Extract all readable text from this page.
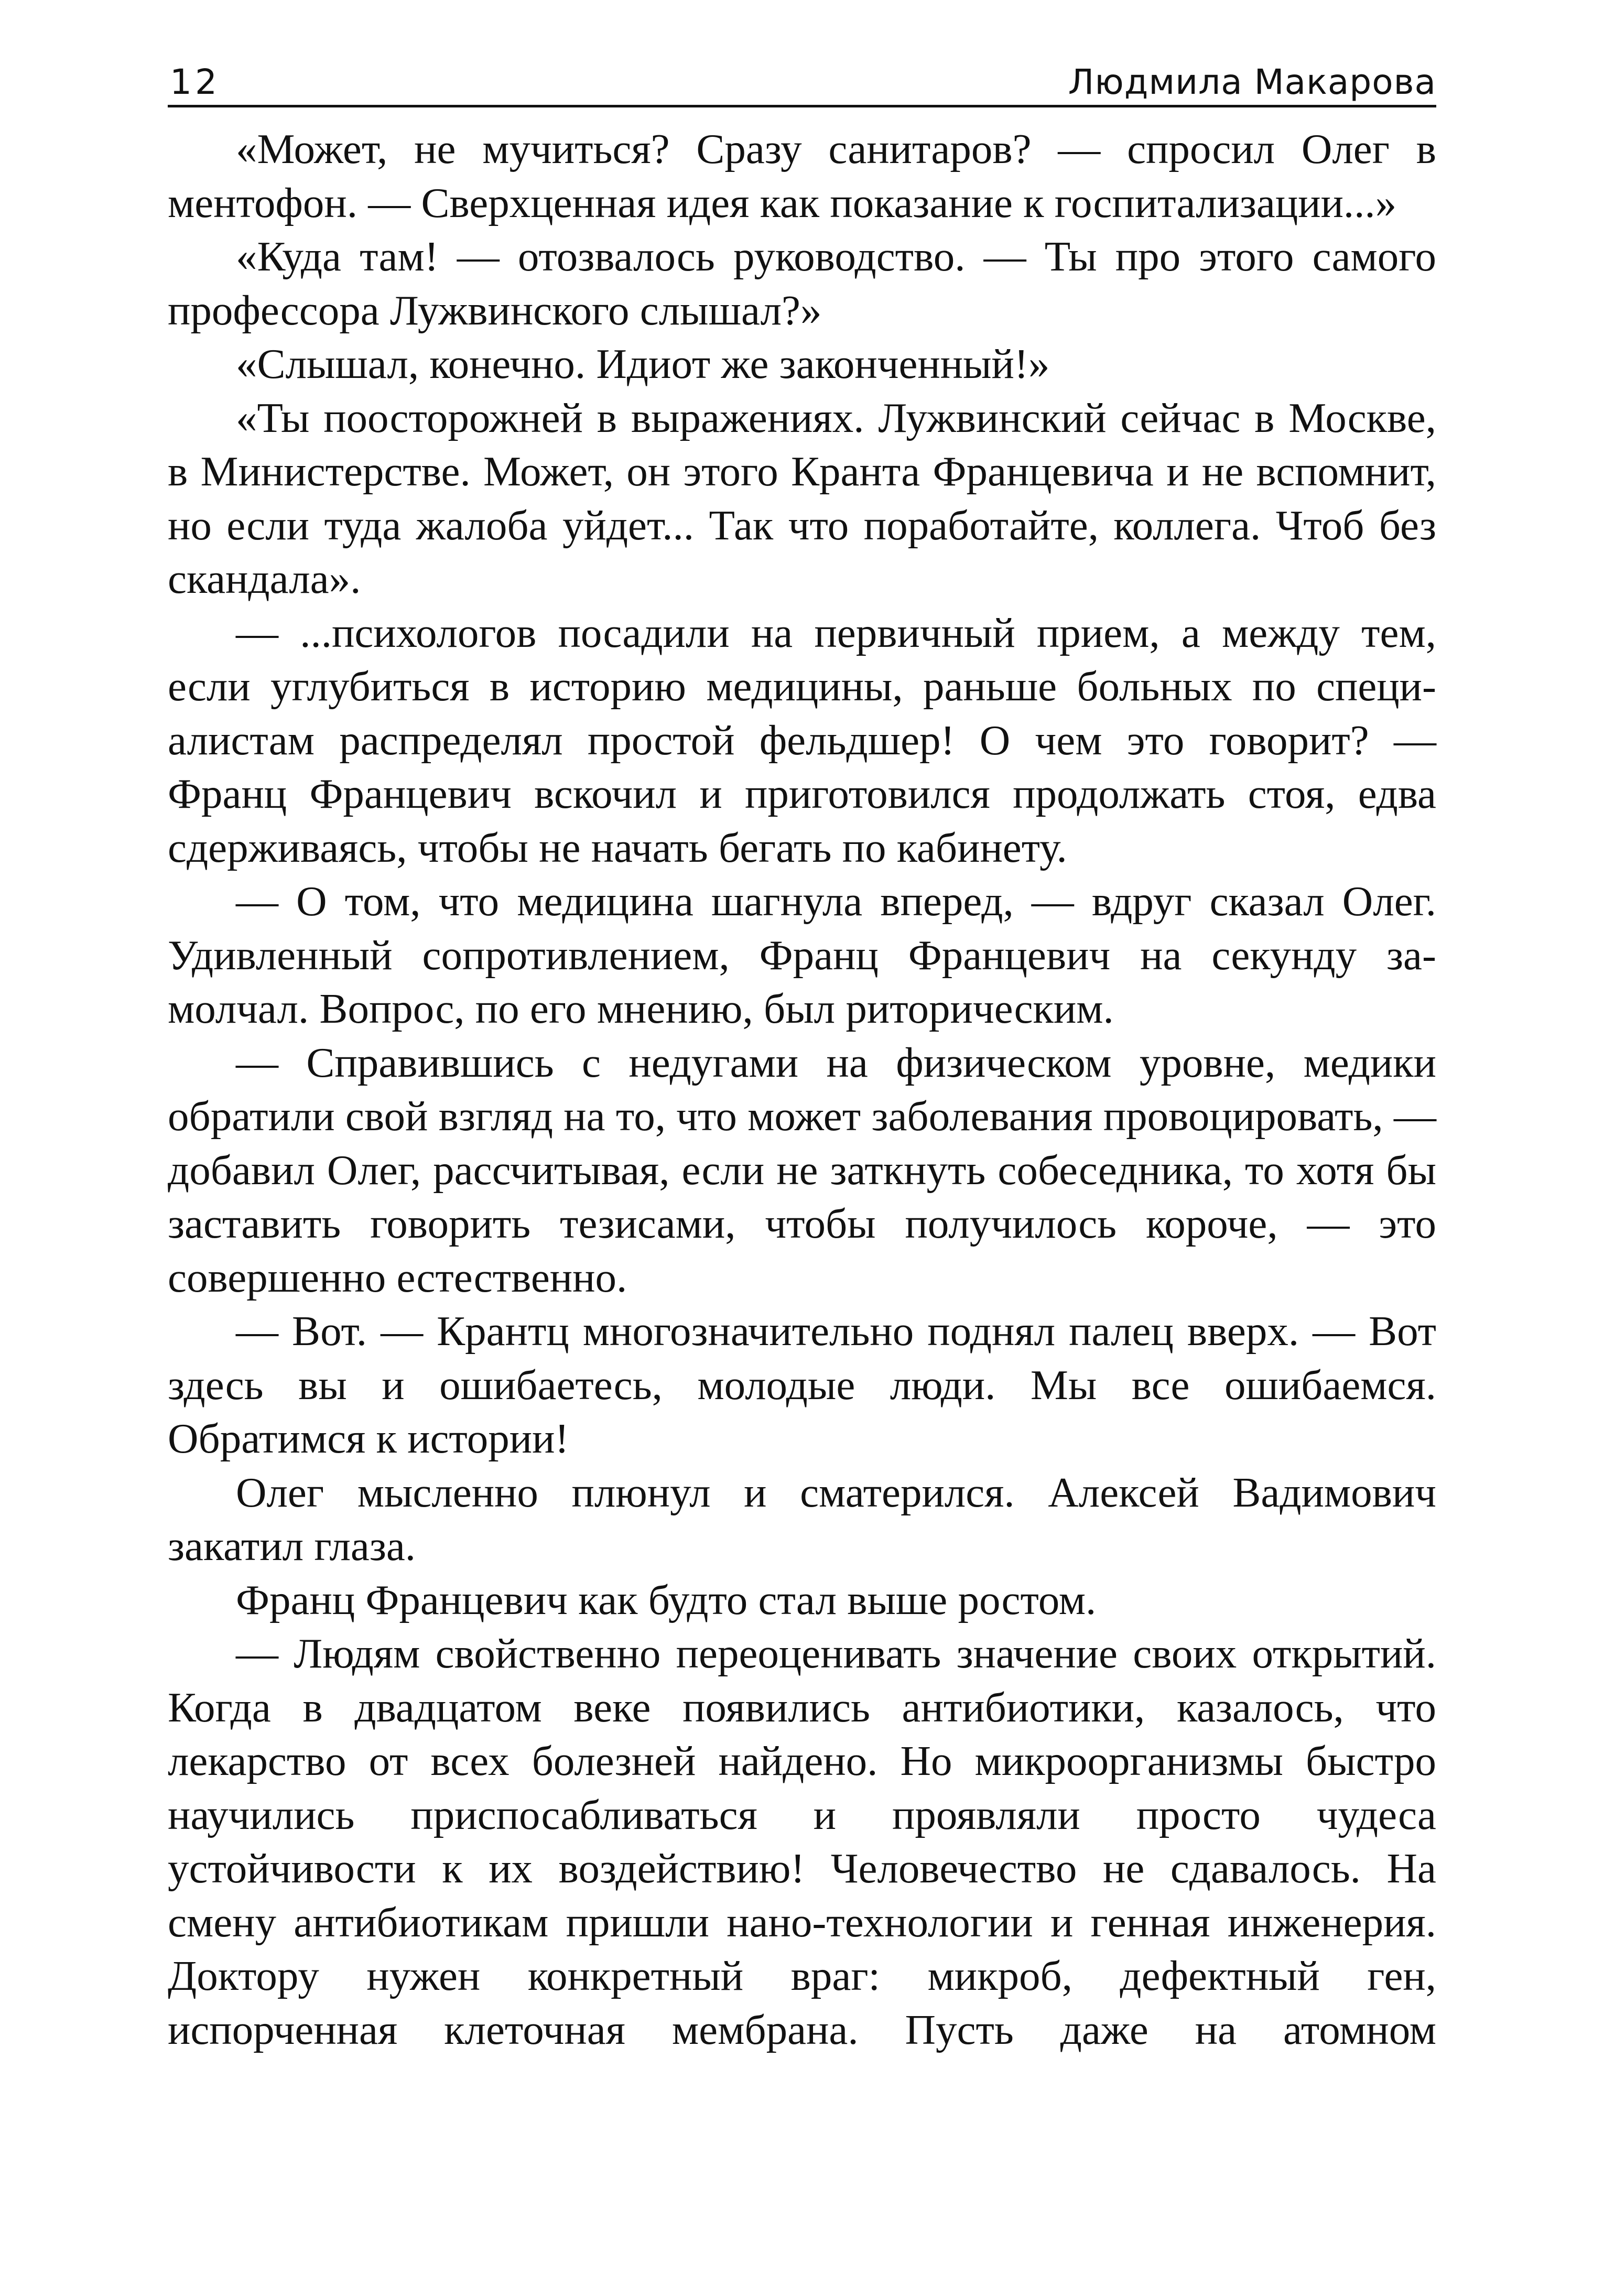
12	Людмила Макарова

«Может, не мучиться? Сразу санитаров? — спросил Олег в ментофон. — Сверхценная идея как показание к госпитализации...»

«Куда там! — отозвалось руководство. — Ты про этого самого профессора Лужвинского слышал?»

«Слышал, конечно. Идиот же законченный!»

«Ты поосторожней в выражениях. Лужвинский сейчас в Москве, в Министерстве. Может, он этого Кранта Францевича и не вспомнит, но если туда жалоба уйдет... Так что поработайте, коллега. Чтоб без скандала».

— ...психологов посадили на первичный прием, а между тем, если углубиться в историю медицины, раньше больных по специалистам распределял простой фельдшер! О чем это говорит? — Франц Францевич вскочил и приготовился продолжать стоя, едва сдерживаясь, чтобы не начать бегать по кабинету.

— О том, что медицина шагнула вперед, — вдруг сказал Олег. Удивленный сопротивлением, Франц Францевич на секунду замолчал. Вопрос, по его мнению, был риторическим.

— Справившись с недугами на физическом уровне, медики обратили свой взгляд на то, что может заболевания провоцировать, — добавил Олег, рассчитывая, если не заткнуть собеседника, то хотя бы заставить говорить тезисами, чтобы получилось короче, — это совершенно естественно.

— Вот. — Крантц многозначительно поднял палец вверх. — Вот здесь вы и ошибаетесь, молодые люди. Мы все ошибаемся. Обратимся к истории!

Олег мысленно плюнул и сматерился. Алексей Вадимович закатил глаза.

Франц Францевич как будто стал выше ростом.

— Людям свойственно переоценивать значение своих открытий. Когда в двадцатом веке появились антибиотики, казалось, что лекарство от всех болезней найдено. Но микроорганизмы быстро научились приспосабливаться и проявляли просто чудеса устойчивости к их воздействию! Человечество не сдавалось. На смену антибиотикам пришли нано-технологии и генная инженерия. Доктору нужен конкретный враг: микроб, дефектный ген, испорченная клеточная мембрана. Пусть даже на атомном
